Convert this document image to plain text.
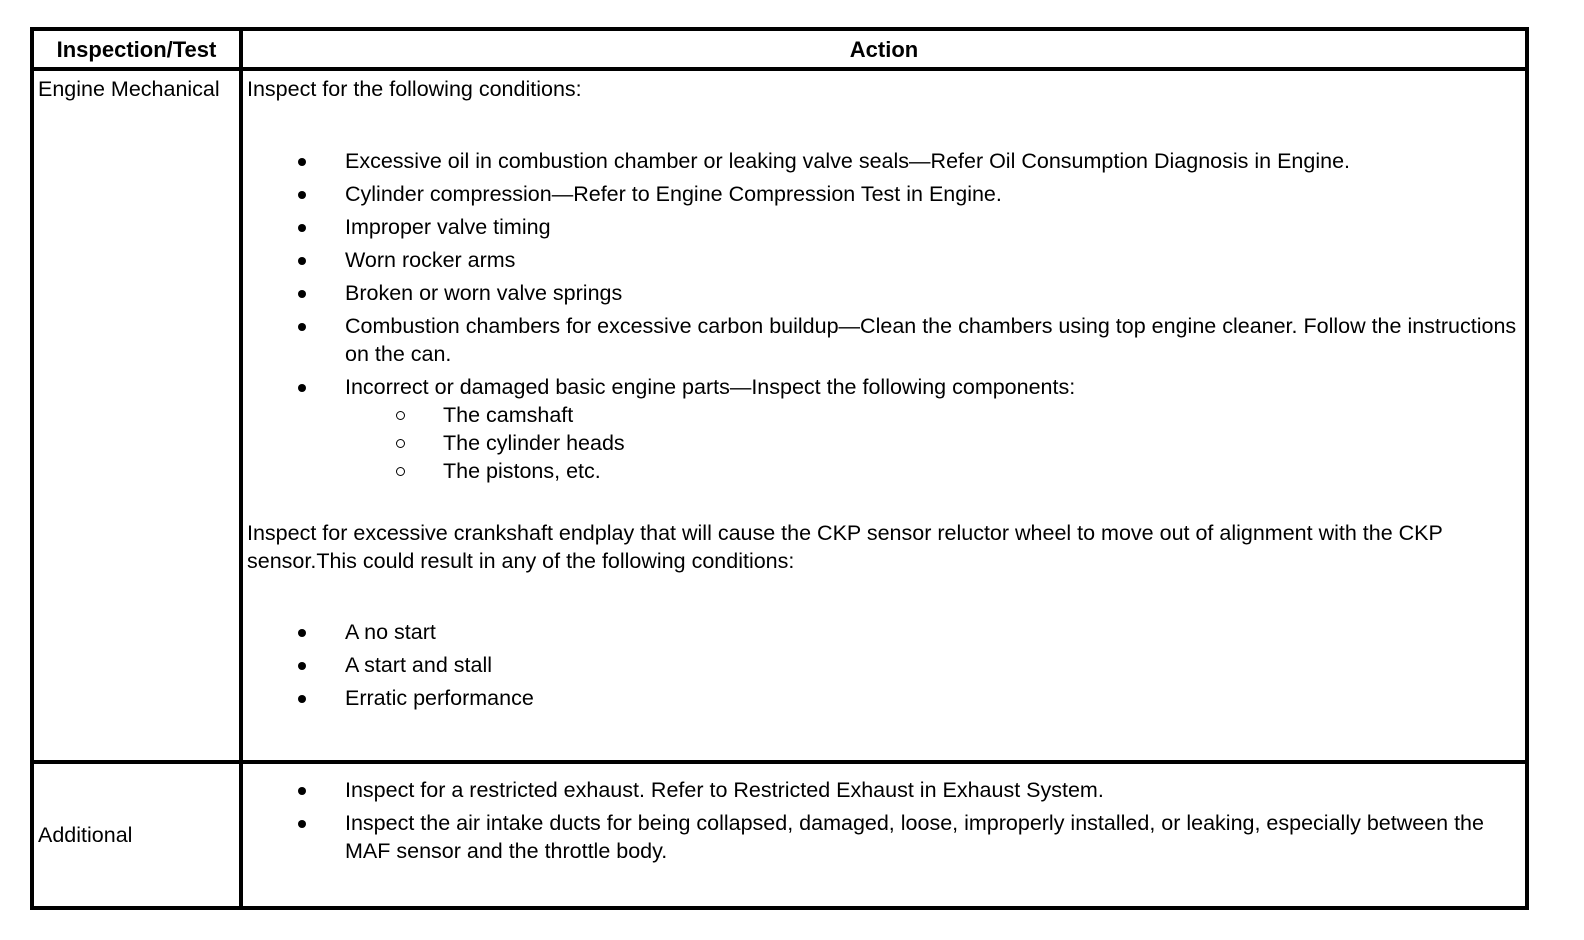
Inspection/Test	Action
Engine Mechanical	Inspect for the following conditions:

Excessive oil in combustion chamber or leaking valve seals—Refer Oil Consumption Diagnosis in Engine.
Cylinder compression—Refer to Engine Compression Test in Engine.
Improper valve timing
Worn rocker arms
Broken or worn valve springs
Combustion chambers for excessive carbon buildup—Clean the chambers using top engine cleaner. Follow the instructions on the can.
Incorrect or damaged basic engine parts—Inspect the following components:
The camshaft
The cylinder heads
The pistons, etc.

Inspect for excessive crankshaft endplay that will cause the CKP sensor reluctor wheel to move out of alignment with the CKP sensor.This could result in any of the following conditions:

A no start
A start and stall
Erratic performance
Additional
Inspect for a restricted exhaust. Refer to Restricted Exhaust in Exhaust System.
Inspect the air intake ducts for being collapsed, damaged, loose, improperly installed, or leaking, especially between the MAF sensor and the throttle body.
